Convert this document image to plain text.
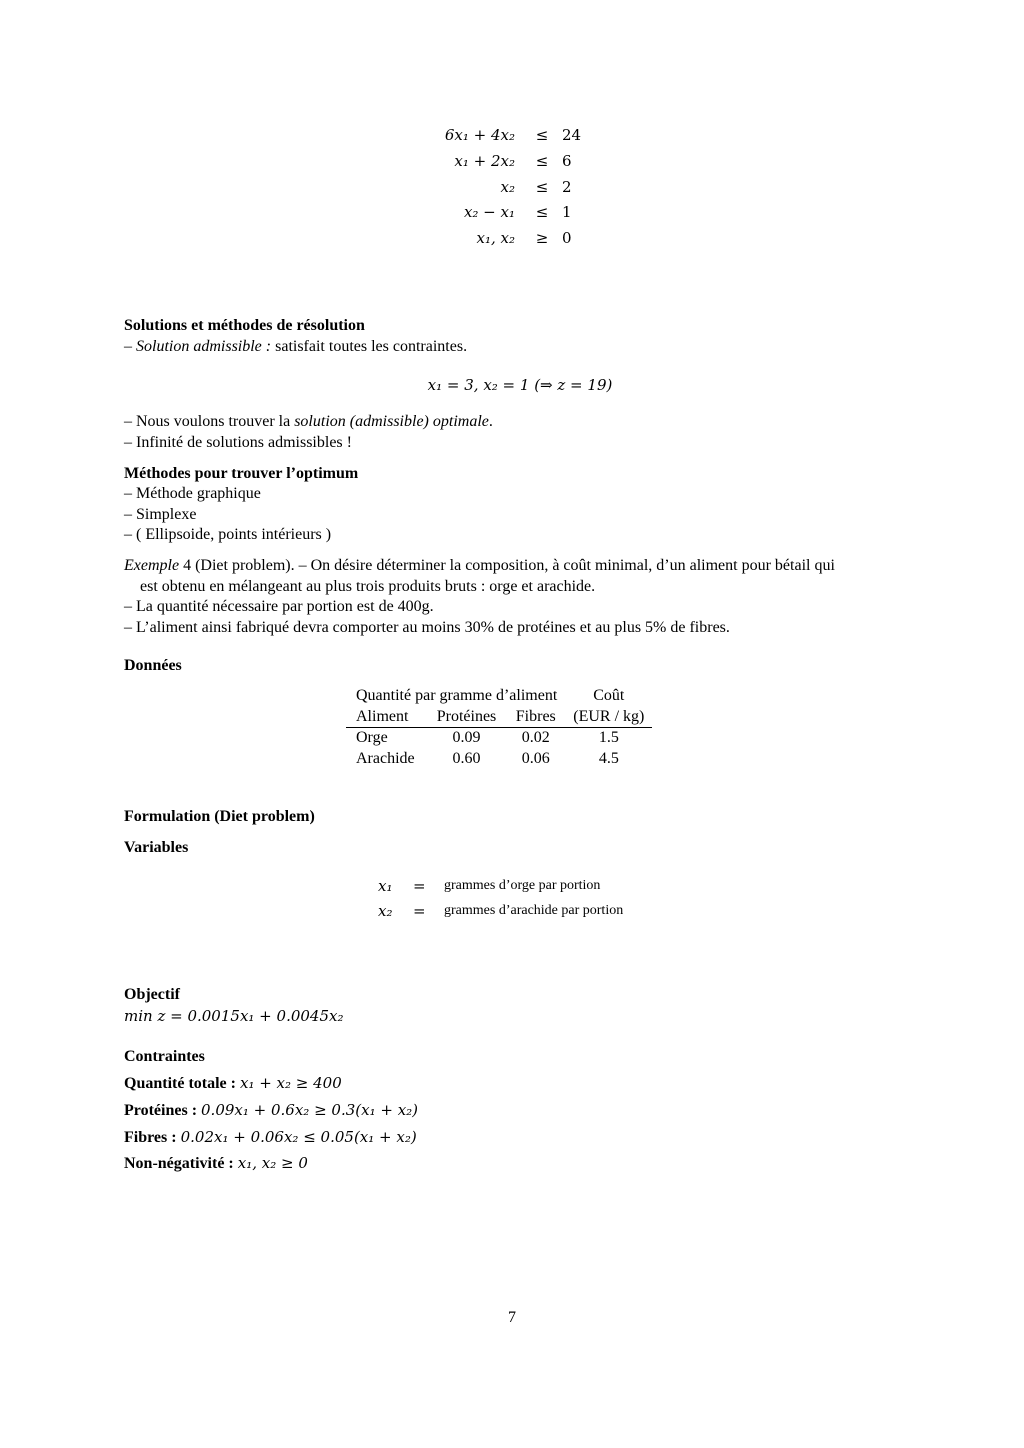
6x₁ + 4x₂ ≤ 24
x₁ + 2x₂ ≤ 6
x₂ ≤ 2
x₂ − x₁ ≤ 1
x₁, x₂ ≥ 0
Solutions et méthodes de résolution
– Solution admissible : satisfait toutes les contraintes.
x₁ = 3, x₂ = 1 (⇒ z = 19)
– Nous voulons trouver la solution (admissible) optimale.
– Infinité de solutions admissibles !
Méthodes pour trouver l’optimum
– Méthode graphique
– Simplexe
– ( Ellipsoide, points intérieurs )
Exemple 4 (Diet problem). – On désire déterminer la composition, à coût minimal, d’un aliment pour bétail qui
est obtenu en mélangeant au plus trois produits bruts : orge et arachide.
– La quantité nécessaire par portion est de 400g.
– L’aliment ainsi fabriqué devra comporter au moins 30% de protéines et au plus 5% de fibres.
Données
Quantité par gramme d’aliment			Coût
Aliment	Protéines	Fibres	(EUR / kg)
Orge	0.09	0.02	1.5
Arachide	0.60	0.06	4.5
Formulation (Diet problem)
Variables
x₁ = grammes d’orge par portion
x₂ = grammes d’arachide par portion
Objectif
min z = 0.0015x₁ + 0.0045x₂
Contraintes
Quantité totale : x₁ + x₂ ≥ 400
Protéines : 0.09x₁ + 0.6x₂ ≥ 0.3(x₁ + x₂)
Fibres : 0.02x₁ + 0.06x₂ ≤ 0.05(x₁ + x₂)
Non-négativité : x₁, x₂ ≥ 0
7
